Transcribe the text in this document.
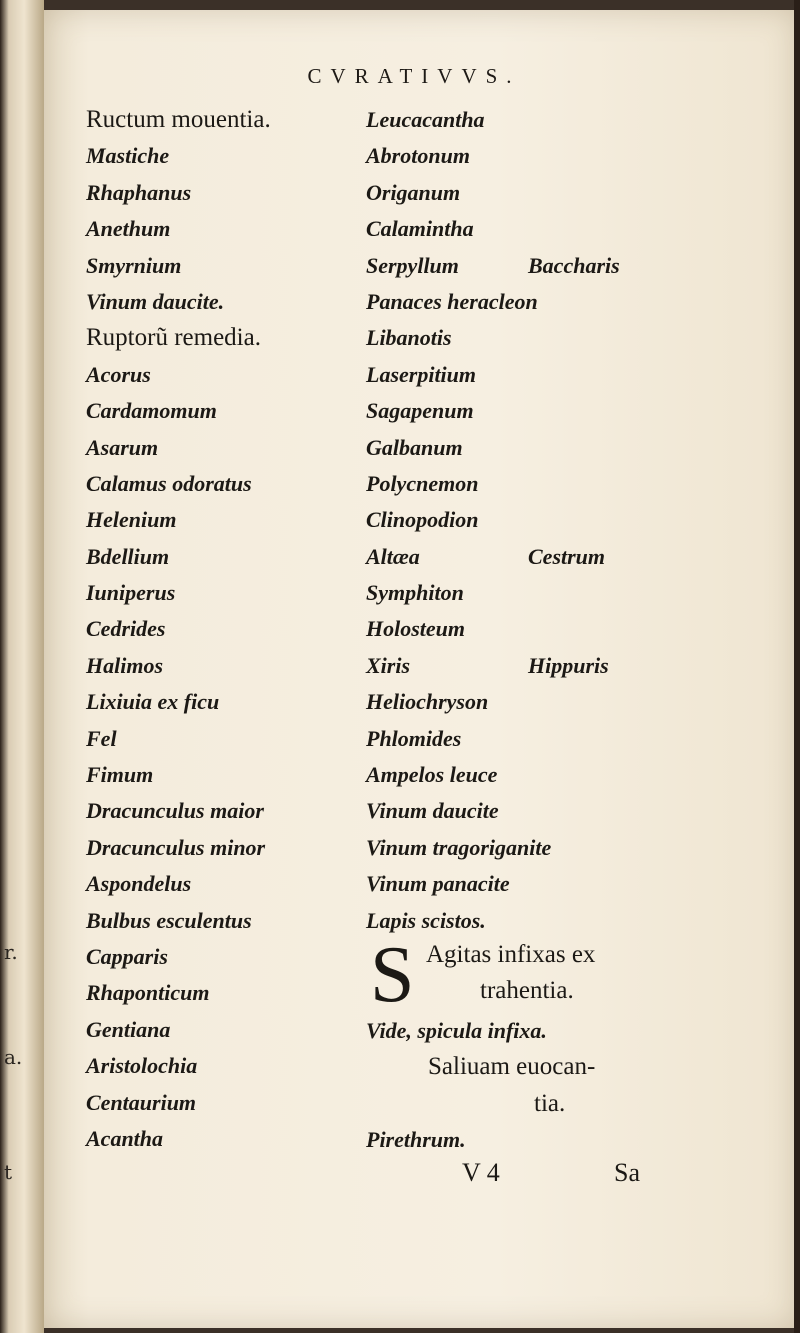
r.
a.
t
CVRATIVVS.
Ructum mouentia.
Mastiche
Rhaphanus
Anethum
Smyrnium
Vinum daucite.
Ruptorũ remedia.
Acorus
Cardamomum
Asarum
Calamus odoratus
Helenium
Bdellium
Iuniperus
Cedrides
Halimos
Lixiuia ex ficu
Fel
Fimum
Dracunculus maior
Dracunculus minor
Aspondelus
Bulbus esculentus
Capparis
Rhaponticum
Gentiana
Aristolochia
Centaurium
Acantha
Leucacantha
Abrotonum
Origanum
Calamintha
Serpyllum	Baccharis
Panaces heracleon
Libanotis
Laserpitium
Sagapenum
Galbanum
Polycnemon
Clinopodion
Altæa	Cestrum
Symphiton
Holosteum
Xiris	Hippuris
Heliochryson
Phlomides
Ampelos leuce
Vinum daucite
Vinum tragoriganite
Vinum panacite
Lapis scistos.
S Agitas infixas ex
trahentia.
Vide, spicula infixa.
Saliuam euocan-
tia.
Pirethrum.
V 4	Sa
